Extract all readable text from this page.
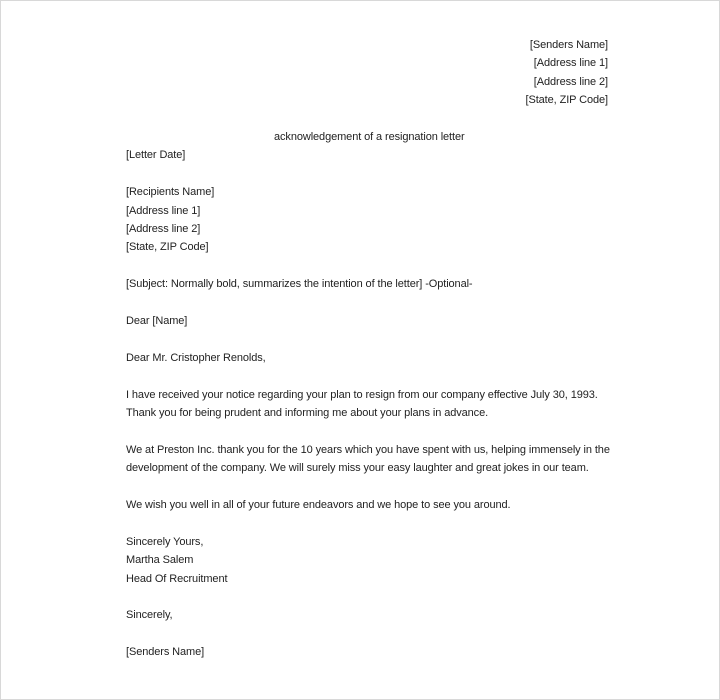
[Senders Name]
[Address line 1]
[Address line 2]
[State, ZIP Code]
acknowledgement of a resignation letter
[Letter Date]
[Recipients Name]
[Address line 1]
[Address line 2]
[State, ZIP Code]
[Subject: Normally bold, summarizes the intention of the letter] -Optional-
Dear [Name]
Dear Mr. Cristopher Renolds,
I have received your notice regarding your plan to resign from our company effective July 30, 1993.
Thank you for being prudent and informing me about your plans in advance.
We at Preston Inc. thank you for the 10 years which you have spent with us, helping immensely in the
development of the company. We will surely miss your easy laughter and great jokes in our team.
We wish you well in all of your future endeavors and we hope to see you around.
Sincerely Yours,
Martha Salem
Head Of Recruitment
Sincerely,
[Senders Name]
